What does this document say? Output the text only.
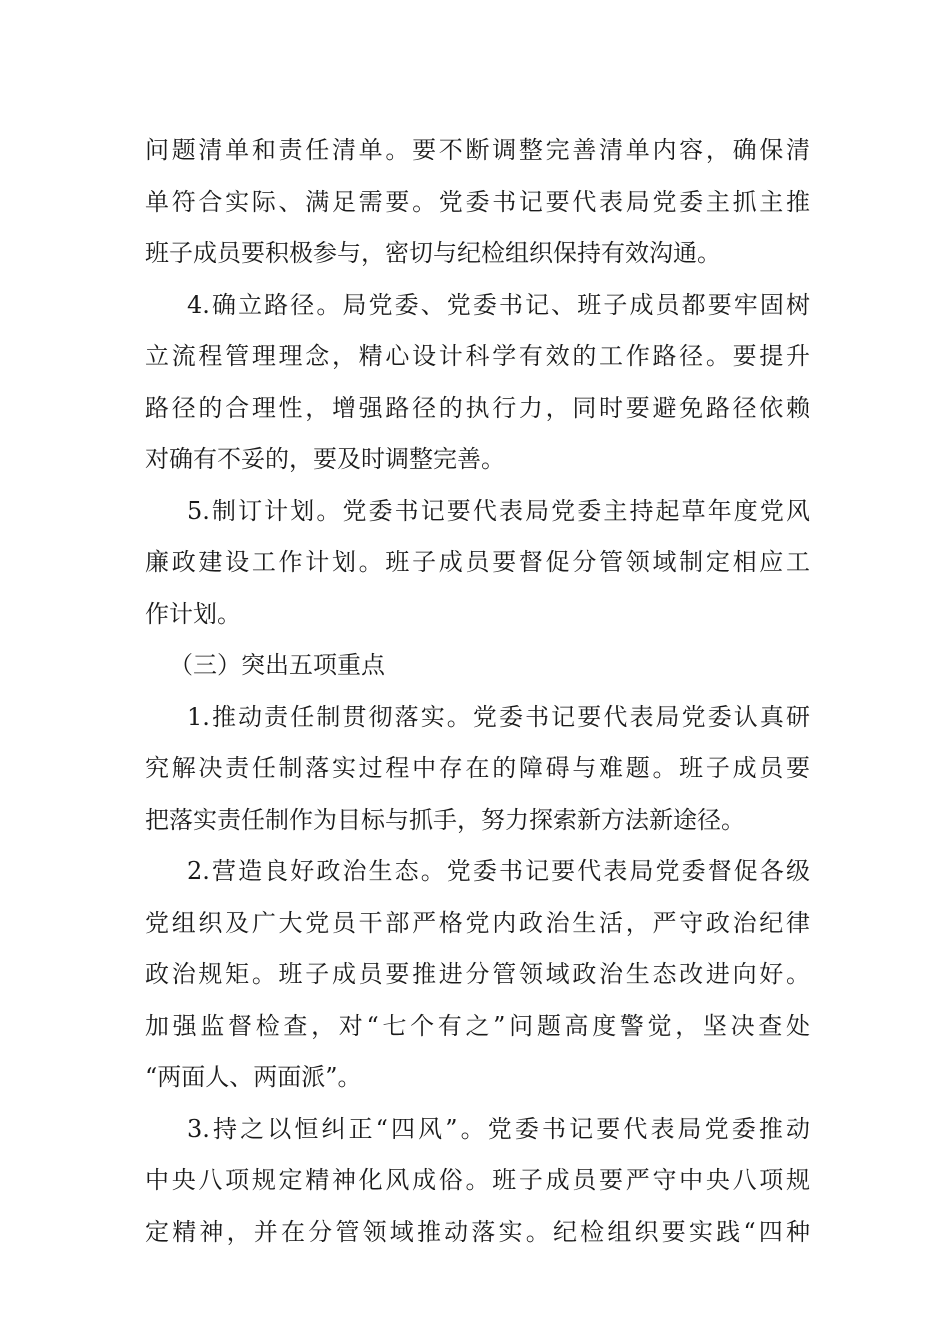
问题清单和责任清单。要不断调整完善清单内容，确保清
单符合实际、满足需要。党委书记要代表局党委主抓主推
班子成员要积极参与，密切与纪检组织保持有效沟通。
4.确立路径。局党委、党委书记、班子成员都要牢固树
立流程管理理念，精心设计科学有效的工作路径。要提升
路径的合理性，增强路径的执行力，同时要避免路径依赖
对确有不妥的，要及时调整完善。
5.制订计划。党委书记要代表局党委主持起草年度党风
廉政建设工作计划。班子成员要督促分管领域制定相应工
作计划。
（三）突出五项重点
1.推动责任制贯彻落实。党委书记要代表局党委认真研
究解决责任制落实过程中存在的障碍与难题。班子成员要
把落实责任制作为目标与抓手，努力探索新方法新途径。
2.营造良好政治生态。党委书记要代表局党委督促各级
党组织及广大党员干部严格党内政治生活，严守政治纪律
政治规矩。班子成员要推进分管领域政治生态改进向好。
加强监督检查，对“七个有之”问题高度警觉，坚决查处
“两面人、两面派”。
3.持之以恒纠正“四风”。党委书记要代表局党委推动
中央八项规定精神化风成俗。班子成员要严守中央八项规
定精神，并在分管领域推动落实。纪检组织要实践“四种
